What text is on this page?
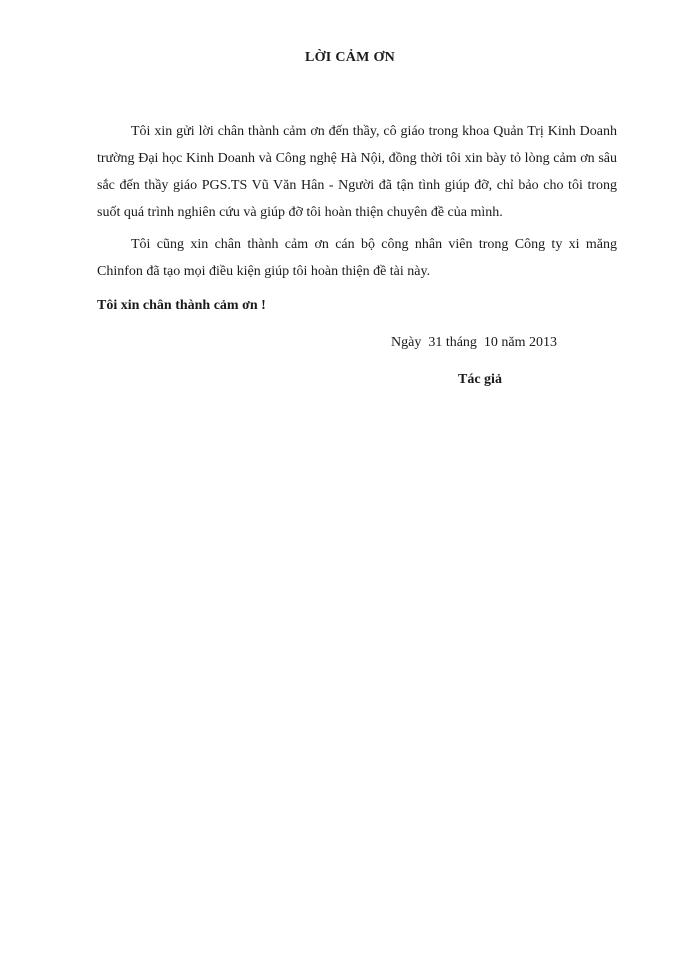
LỜI CẢM ƠN

Tôi xin gửi lời chân thành cảm ơn đến thầy, cô giáo trong khoa Quản Trị Kinh Doanh trường Đại học Kinh Doanh và Công nghệ Hà Nội, đồng thời tôi xin bày tỏ lòng cảm ơn sâu sắc đến thầy giáo PGS.TS Vũ Văn Hân - Người đã tận tình giúp đỡ, chỉ bảo cho tôi trong suốt quá trình nghiên cứu và giúp đỡ tôi hoàn thiện chuyên đề của mình.

Tôi cũng xin chân thành cảm ơn cán bộ công nhân viên trong Công ty xi măng Chinfon đã tạo mọi điều kiện giúp tôi hoàn thiện đề tài này.

Tôi xin chân thành cảm ơn !
Ngày  31 tháng  10 năm 2013
Tác giả
